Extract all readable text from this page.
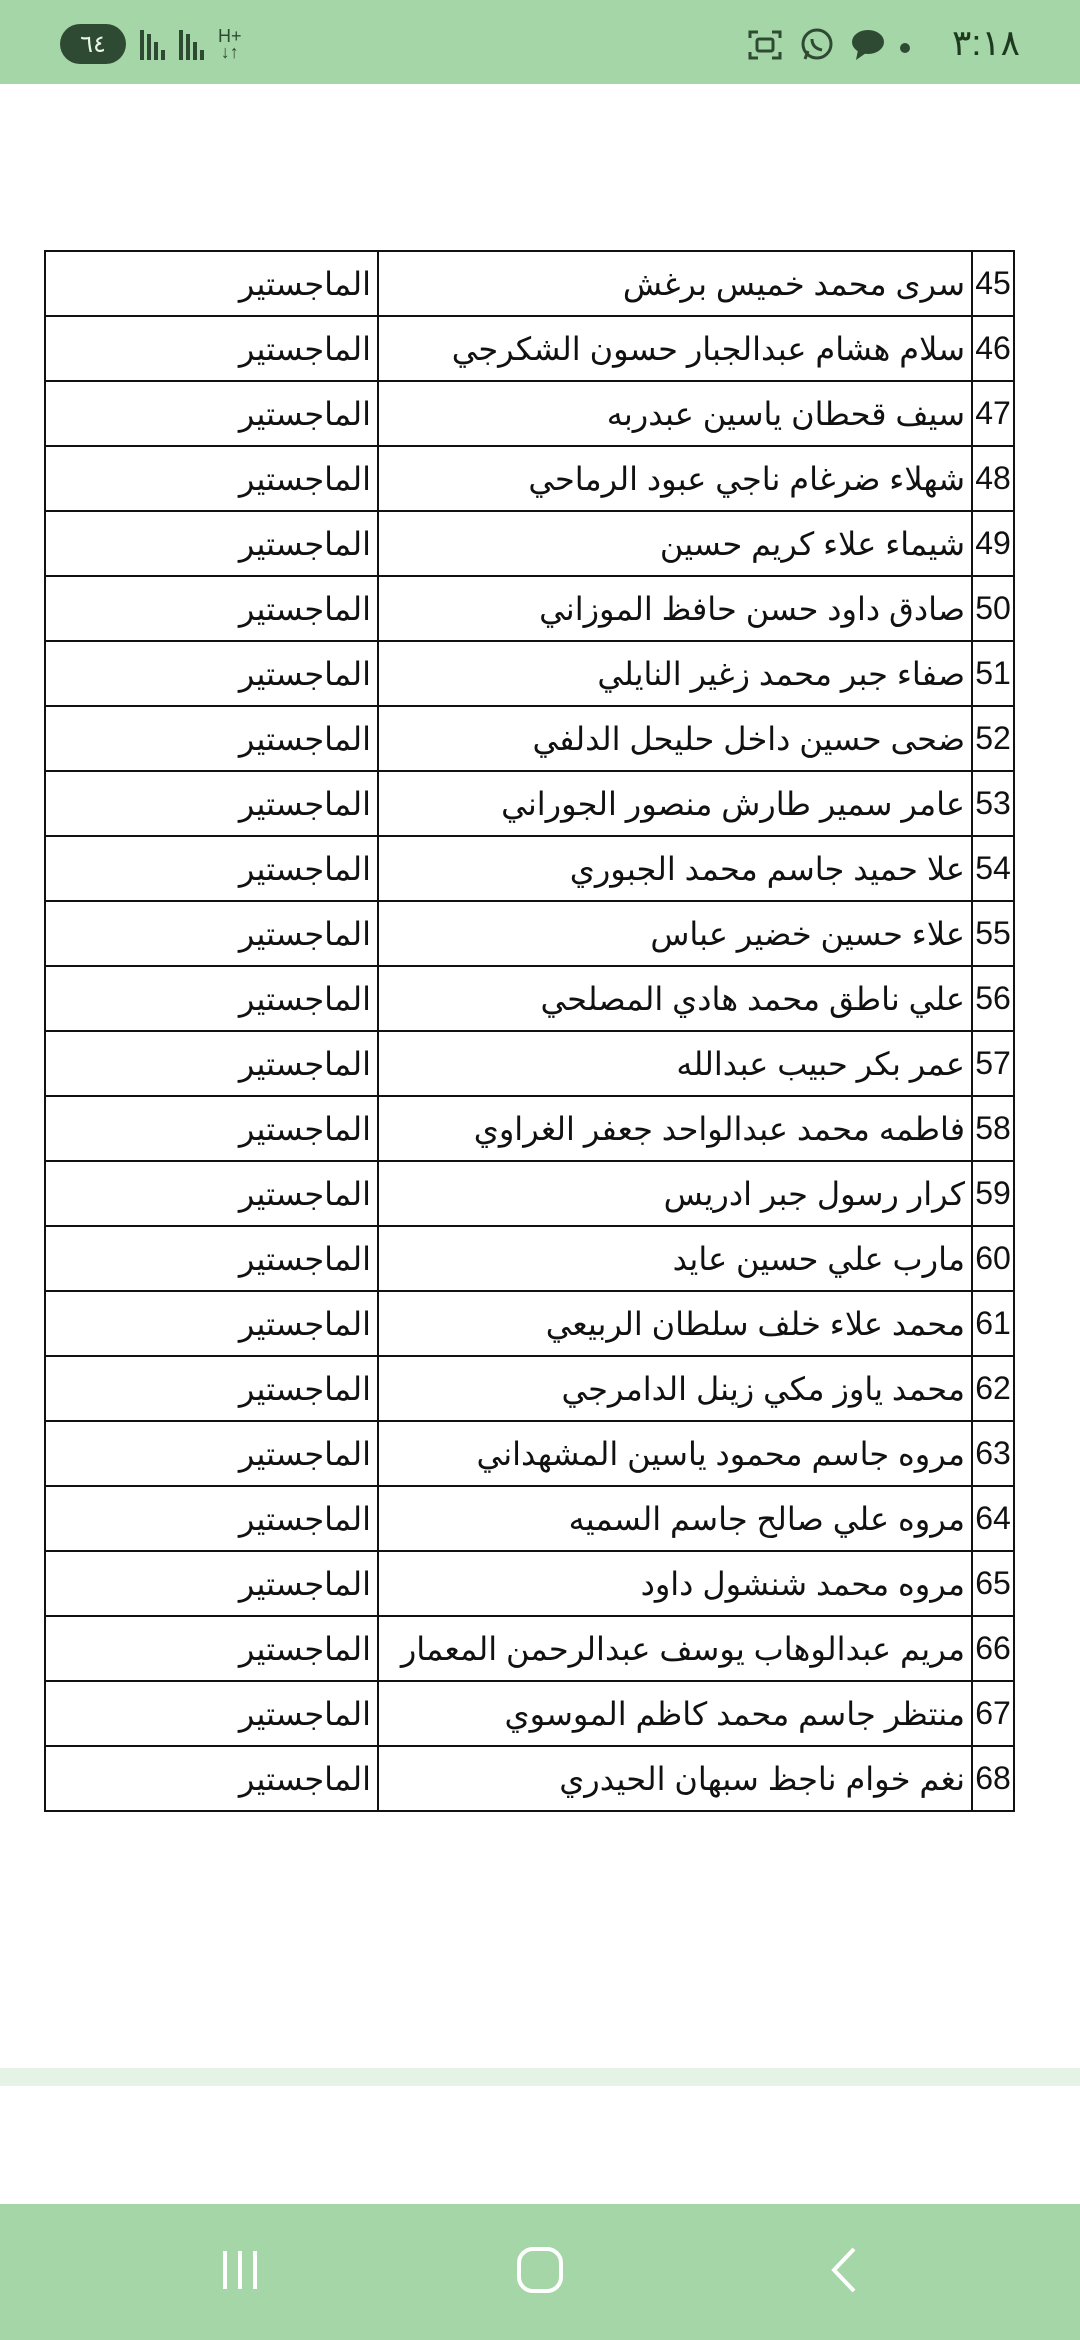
٣:١٨
٦٤	H+
↓↑
45	سرى محمد خميس برغش	الماجستير
46	سلام هشام عبدالجبار حسون الشكرجي	الماجستير
47	سيف قحطان ياسين عبدربه	الماجستير
48	شهلاء ضرغام ناجي عبود الرماحي	الماجستير
49	شيماء علاء كريم حسين	الماجستير
50	صادق داود حسن حافظ الموزاني	الماجستير
51	صفاء جبر محمد زغير النايلي	الماجستير
52	ضحى حسين داخل حليحل الدلفي	الماجستير
53	عامر سمير طارش منصور الجوراني	الماجستير
54	علا حميد جاسم محمد الجبوري	الماجستير
55	علاء حسين خضير عباس	الماجستير
56	علي ناطق محمد هادي المصلحي	الماجستير
57	عمر بكر حبيب عبدالله	الماجستير
58	فاطمه محمد عبدالواحد جعفر الغراوي	الماجستير
59	كرار رسول جبر ادريس	الماجستير
60	مارب علي حسين عايد	الماجستير
61	محمد علاء خلف سلطان الربيعي	الماجستير
62	محمد ياوز مكي زينل الدامرجي	الماجستير
63	مروه جاسم محمود ياسين المشهداني	الماجستير
64	مروه علي صالح جاسم السميه	الماجستير
65	مروه محمد شنشول داود	الماجستير
66	مريم عبدالوهاب يوسف عبدالرحمن المعمار	الماجستير
67	منتظر جاسم محمد كاظم الموسوي	الماجستير
68	نغم خوام ناجظ سبهان الحيدري	الماجستير
